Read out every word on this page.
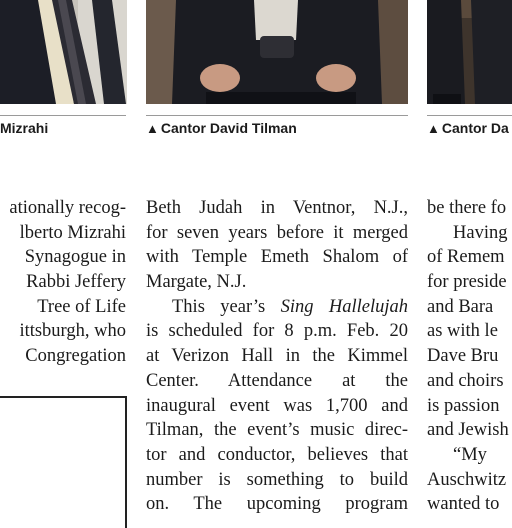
Mizrahi	▲ Cantor David Tilman	▲ Cantor Da
ationally recog-
lberto Mizrahi
Synagogue in
Rabbi Jeffery
Tree of Life
ittsburgh, who
Congregation
Beth Judah in Ventnor, N.J.,
for seven years before it merged
with Temple Emeth Shalom of
Margate, N.J.
This year’s Sing Hallelujah
is scheduled for 8 p.m. Feb. 20
at Verizon Hall in the Kimmel
Center. Attendance at the
inaugural event was 1,700 and
Tilman, the event’s music direc-
tor and conductor, believes that
number is something to build
on. The upcoming program
be there fo
Having
of Remem
for preside
and Bara
as with le
Dave Bru
and choirs
is passion
and Jewish
“My
Auschwitz
wanted to
